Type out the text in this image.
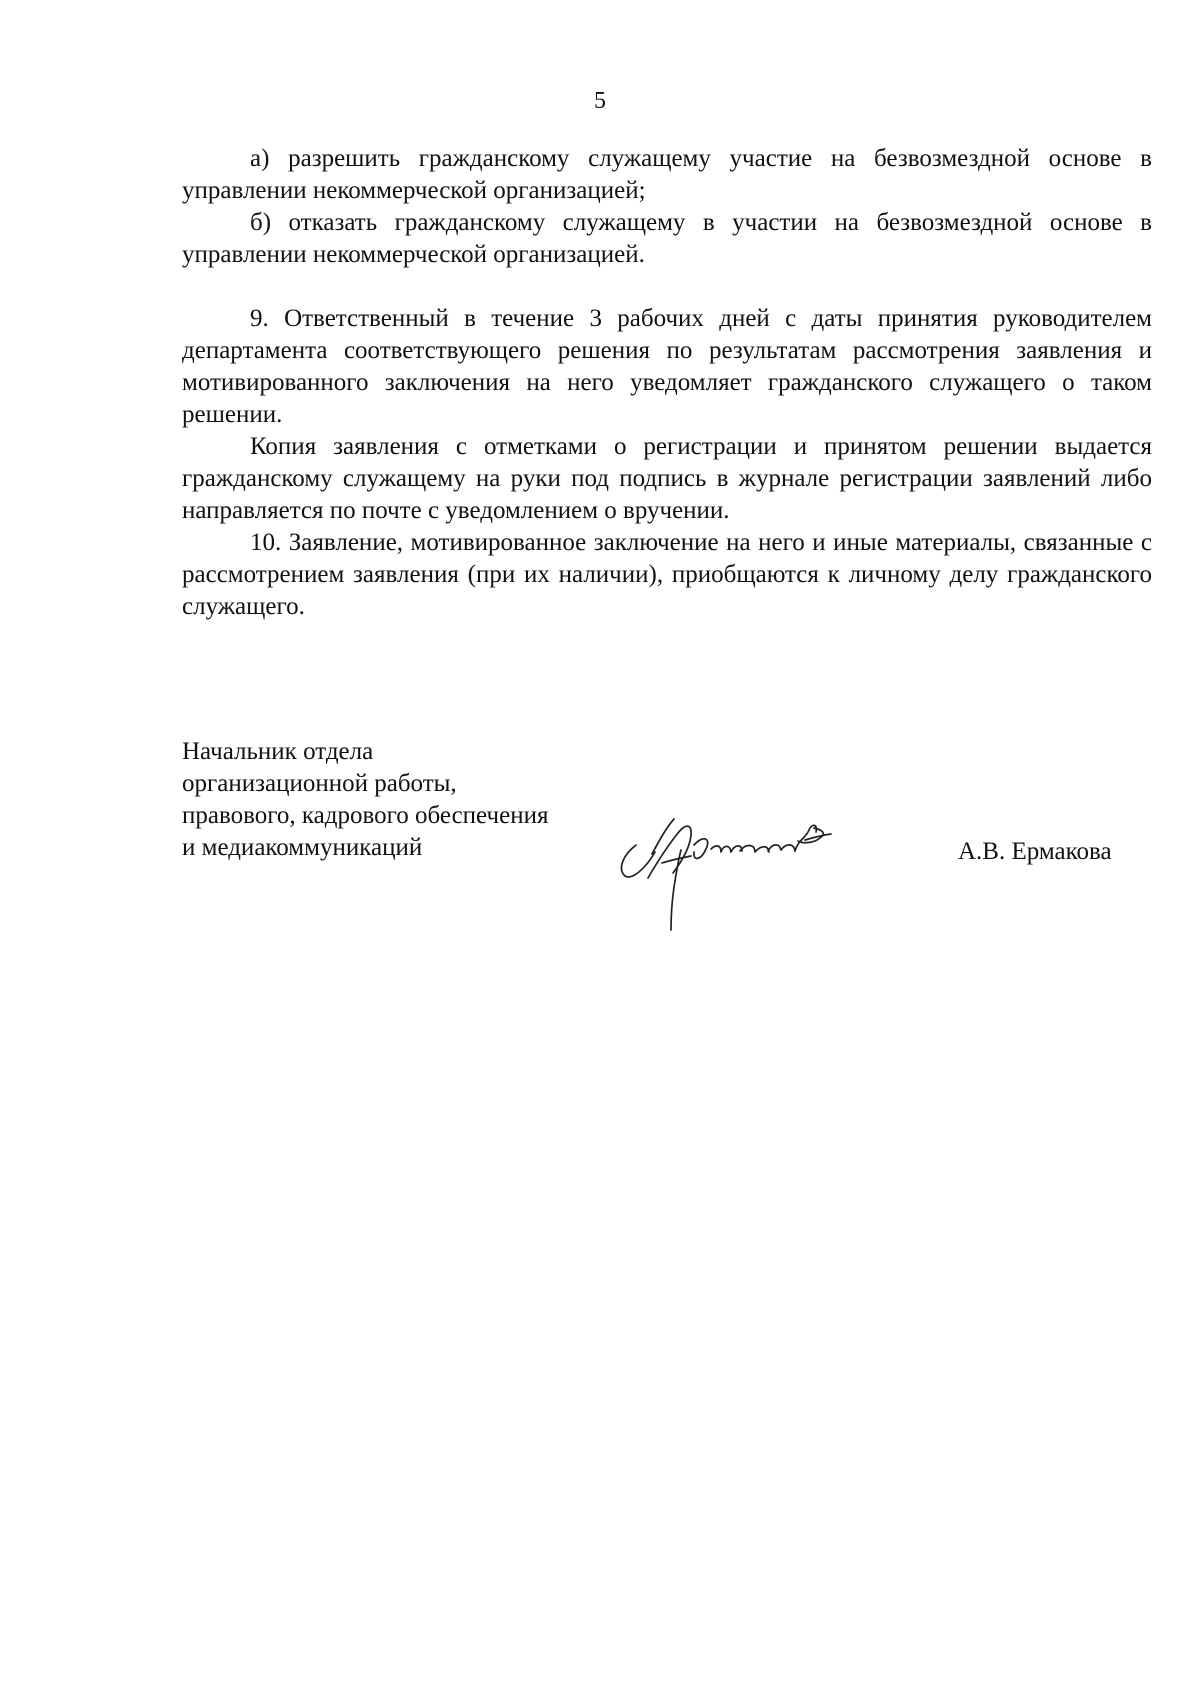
5

а) разрешить гражданскому служащему участие на безвозмездной основе в управлении некоммерческой организацией;

б) отказать гражданскому служащему в участии на безвозмездной основе в управлении некоммерческой организацией.

9. Ответственный в течение 3 рабочих дней с даты принятия руководителем департамента соответствующего решения по результатам рассмотрения заявления и мотивированного заключения на него уведомляет гражданского служащего о таком решении.

Копия заявления с отметками о регистрации и принятом решении выдается гражданскому служащему на руки под подпись в журнале регистрации заявлений либо направляется по почте с уведомлением о вручении.

10. Заявление, мотивированное заключение на него и иные материалы, связанные с рассмотрением заявления (при их наличии), приобщаются к личному делу гражданского служащего.

Начальник отдела
организационной работы,
правового, кадрового обеспечения
и медиакоммуникаций	А.В. Ермакова
